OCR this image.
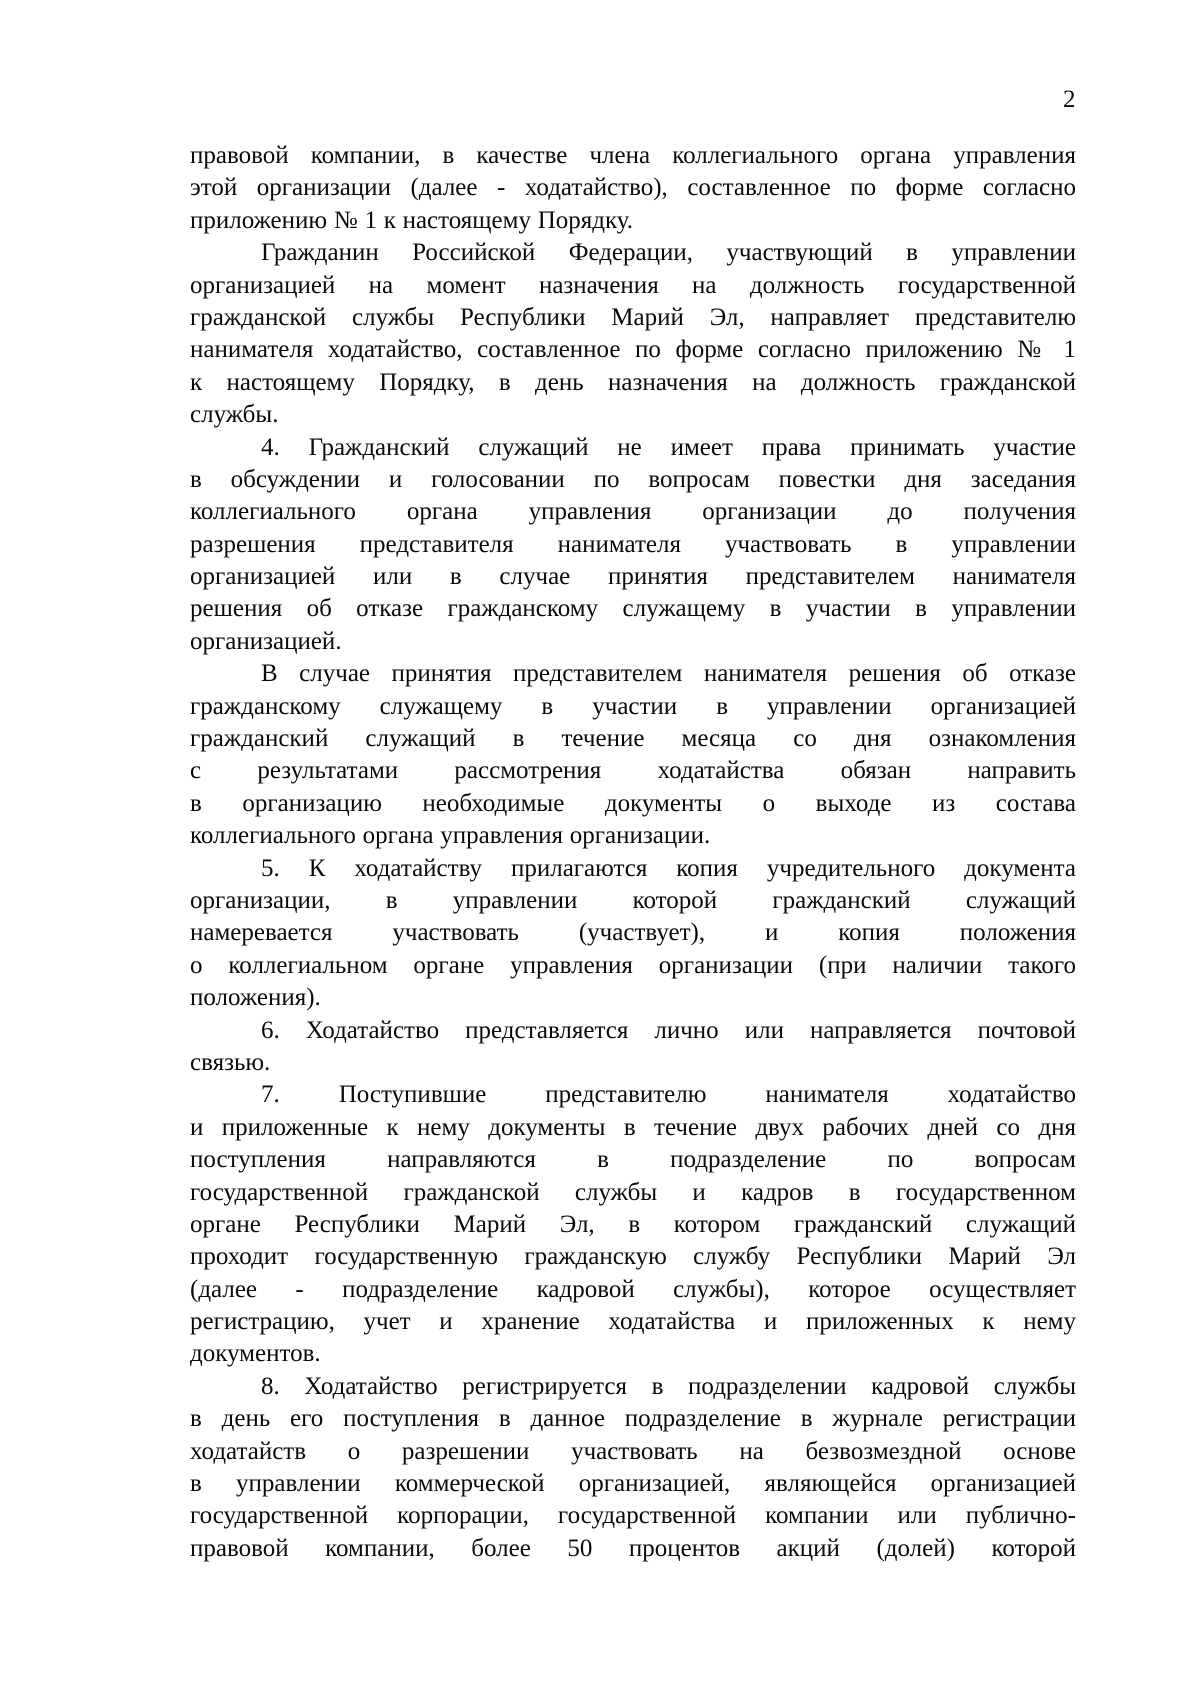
2
правовой компании, в качестве члена коллегиального органа управления
этой организации (далее - ходатайство), составленное по форме согласно
приложению № 1 к настоящему Порядку.
Гражданин Российской Федерации, участвующий в управлении
организацией на момент назначения на должность государственной
гражданской службы Республики Марий Эл, направляет представителю
нанимателя ходатайство, составленное по форме согласно приложению № 1
к настоящему Порядку, в день назначения на должность гражданской
службы.
4. Гражданский служащий не имеет права принимать участие
в обсуждении и голосовании по вопросам повестки дня заседания
коллегиального органа управления организации до получения
разрешения представителя нанимателя участвовать в управлении
организацией или в случае принятия представителем нанимателя
решения об отказе гражданскому служащему в участии в управлении
организацией.
В случае принятия представителем нанимателя решения об отказе
гражданскому служащему в участии в управлении организацией
гражданский служащий в течение месяца со дня ознакомления
с результатами рассмотрения ходатайства обязан направить
в организацию необходимые документы о выходе из состава
коллегиального органа управления организации.
5. К ходатайству прилагаются копия учредительного документа
организации, в управлении которой гражданский служащий
намеревается участвовать (участвует), и копия положения
о коллегиальном органе управления организации (при наличии такого
положения).
6. Ходатайство представляется лично или направляется почтовой
связью.
7. Поступившие представителю нанимателя ходатайство
и приложенные к нему документы в течение двух рабочих дней со дня
поступления направляются в подразделение по вопросам
государственной гражданской службы и кадров в государственном
органе Республики Марий Эл, в котором гражданский служащий
проходит государственную гражданскую службу Республики Марий Эл
(далее - подразделение кадровой службы), которое осуществляет
регистрацию, учет и хранение ходатайства и приложенных к нему
документов.
8. Ходатайство регистрируется в подразделении кадровой службы
в день его поступления в данное подразделение в журнале регистрации
ходатайств о разрешении участвовать на безвозмездной основе
в управлении коммерческой организацией, являющейся организацией
государственной корпорации, государственной компании или публично-
правовой компании, более 50 процентов акций (долей) которой
